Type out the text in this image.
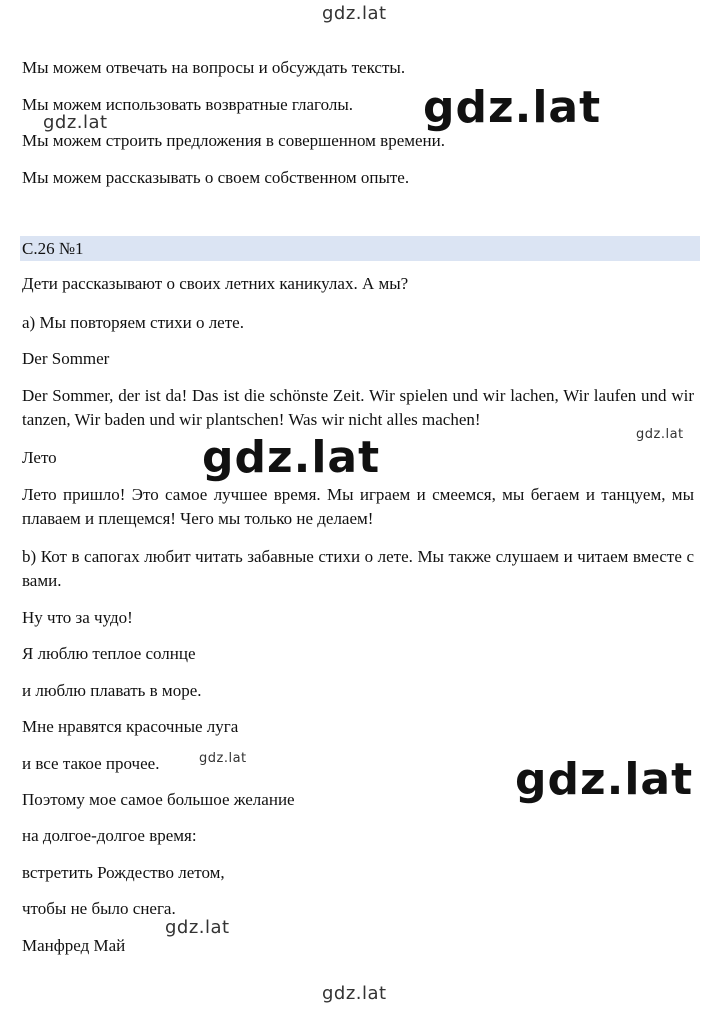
Мы можем отвечать на вопросы и обсуждать тексты.

Мы можем использовать возвратные глаголы.

Мы можем строить предложения в совершенном времени.

Мы можем рассказывать о своем собственном опыте.

С.26 №1

Дети рассказывают о своих летних каникулах. А мы?

a) Мы повторяем стихи о лете.

Der Sommer

Der Sommer, der ist da! Das ist die schönste Zeit. Wir spielen und wir lachen, Wir laufen und wir tanzen, Wir baden und wir plantschen! Was wir nicht alles machen!

Лето

Лето пришло! Это самое лучшее время. Мы играем и смеемся, мы бегаем и танцуем, мы плаваем и плещемся! Чего мы только не делаем!

b) Кот в сапогах любит читать забавные стихи о лете. Мы также слушаем и читаем вместе с вами.

Ну что за чудо!

Я люблю теплое солнце

и люблю плавать в море.

Мне нравятся красочные луга

и все такое прочее.

Поэтому мое самое большое желание

на долгое-долгое время:

встретить Рождество летом,

чтобы не было снега.

Манфред Май

gdz.lat
gdz.lat
gdz.lat
gdz.lat
gdz.lat
gdz.lat	gdz.lat
gdz.lat
gdz.lat
